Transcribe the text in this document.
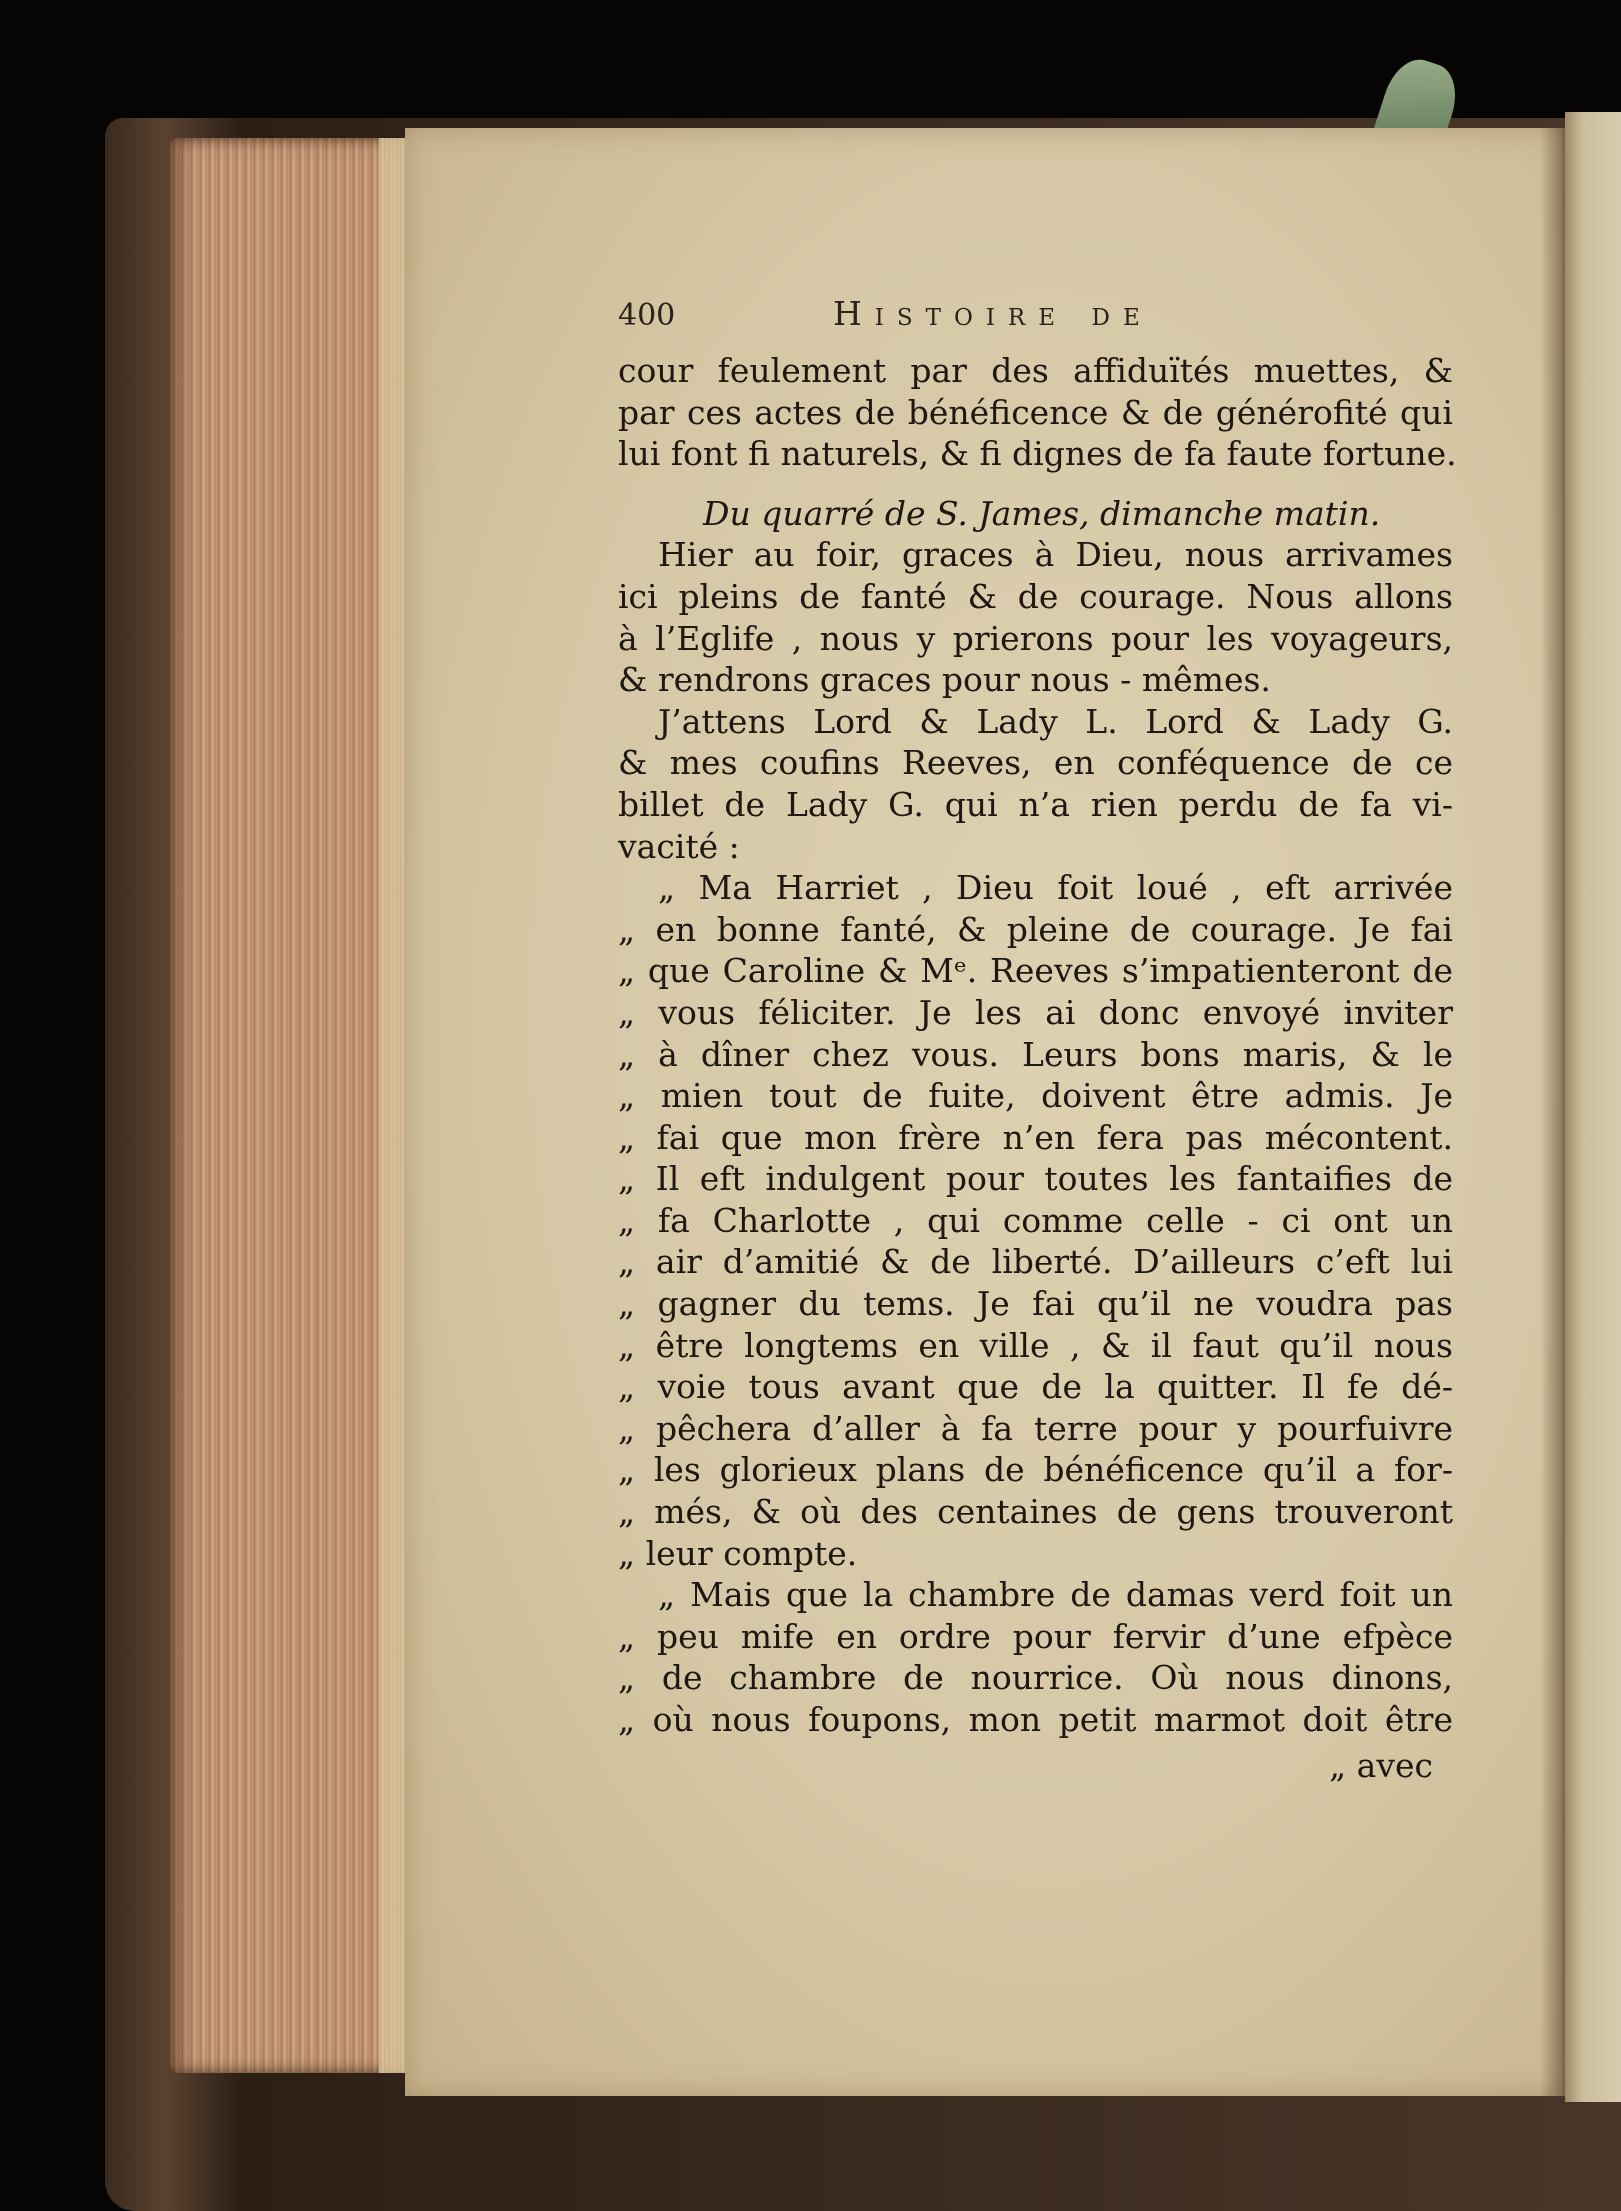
400	Histoire de
cour feulement par des affiduïtés muettes, &
par ces actes de bénéficence & de générofité qui
lui font fi naturels, & fi dignes de fa faute fortune.
Du quarré de S. James, dimanche matin.
Hier au foir, graces à Dieu, nous arrivames
ici pleins de fanté & de courage. Nous allons
à l’Eglife , nous y prierons pour les voyageurs,
& rendrons graces pour nous - mêmes.
J’attens Lord & Lady L. Lord & Lady G.
& mes coufins Reeves, en conféquence de ce
billet de Lady G. qui n’a rien perdu de fa vi-
vacité :
„ Ma Harriet , Dieu foit loué , eft arrivée
„ en bonne fanté, & pleine de courage. Je fai
„ que Caroline & Mᵉ. Reeves s’impatienteront de
„ vous féliciter. Je les ai donc envoyé inviter
„ à dîner chez vous. Leurs bons maris, & le
„ mien tout de fuite, doivent être admis. Je
„ fai que mon frère n’en fera pas mécontent.
„ Il eft indulgent pour toutes les fantaifies de
„ fa Charlotte , qui comme celle - ci ont un
„ air d’amitié & de liberté. D’ailleurs c’eft lui
„ gagner du tems. Je fai qu’il ne voudra pas
„ être longtems en ville , & il faut qu’il nous
„ voie tous avant que de la quitter. Il fe dé-
„ pêchera d’aller à fa terre pour y pourfuivre
„ les glorieux plans de bénéficence qu’il a for-
„ més, & où des centaines de gens trouveront
„ leur compte.
„ Mais que la chambre de damas verd foit un
„ peu mife en ordre pour fervir d’une efpèce
„ de chambre de nourrice. Où nous dinons,
„ où nous foupons, mon petit marmot doit être
„ avec
